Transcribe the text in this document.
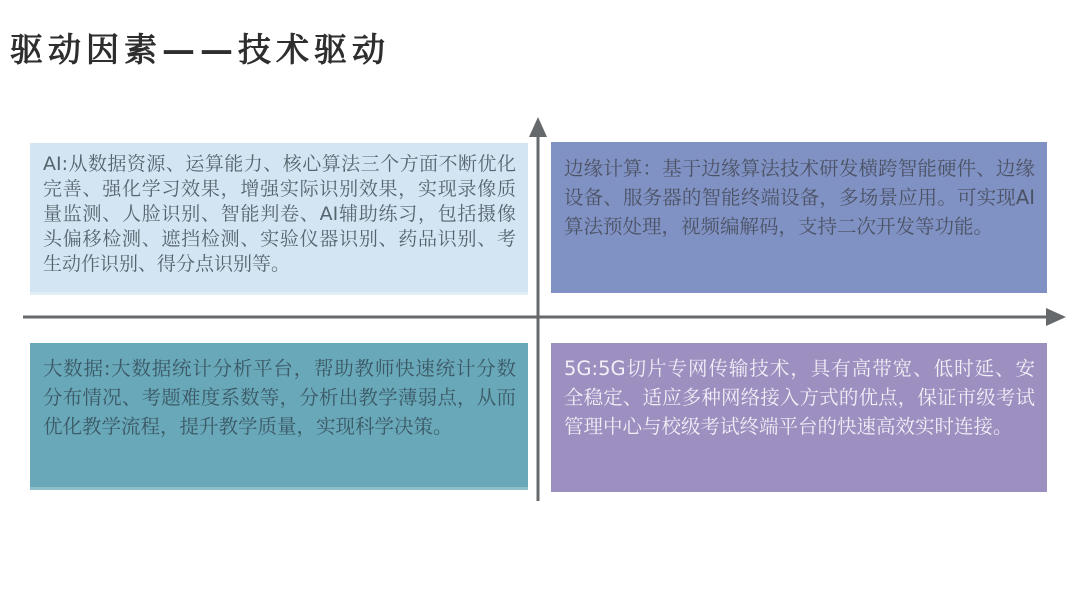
驱动因素——技术驱动

AI:从数据资源、运算能力、核心算法三个方面不断优化完善、强化学习效果，增强实际识别效果，实现录像质量监测、人脸识别、智能判卷、AI辅助练习，包括摄像头偏移检测、遮挡检测、实验仪器识别、药品识别、考生动作识别、得分点识别等。

边缘计算：基于边缘算法技术研发横跨智能硬件、边缘设备、服务器的智能终端设备，多场景应用。可实现AI算法预处理，视频编解码，支持二次开发等功能。

大数据:大数据统计分析平台，帮助教师快速统计分数分布情况、考题难度系数等，分析出教学薄弱点，从而优化教学流程，提升教学质量，实现科学决策。

5G:5G切片专网传输技术，具有高带宽、低时延、安全稳定、适应多种网络接入方式的优点，保证市级考试管理中心与校级考试终端平台的快速高效实时连接。
